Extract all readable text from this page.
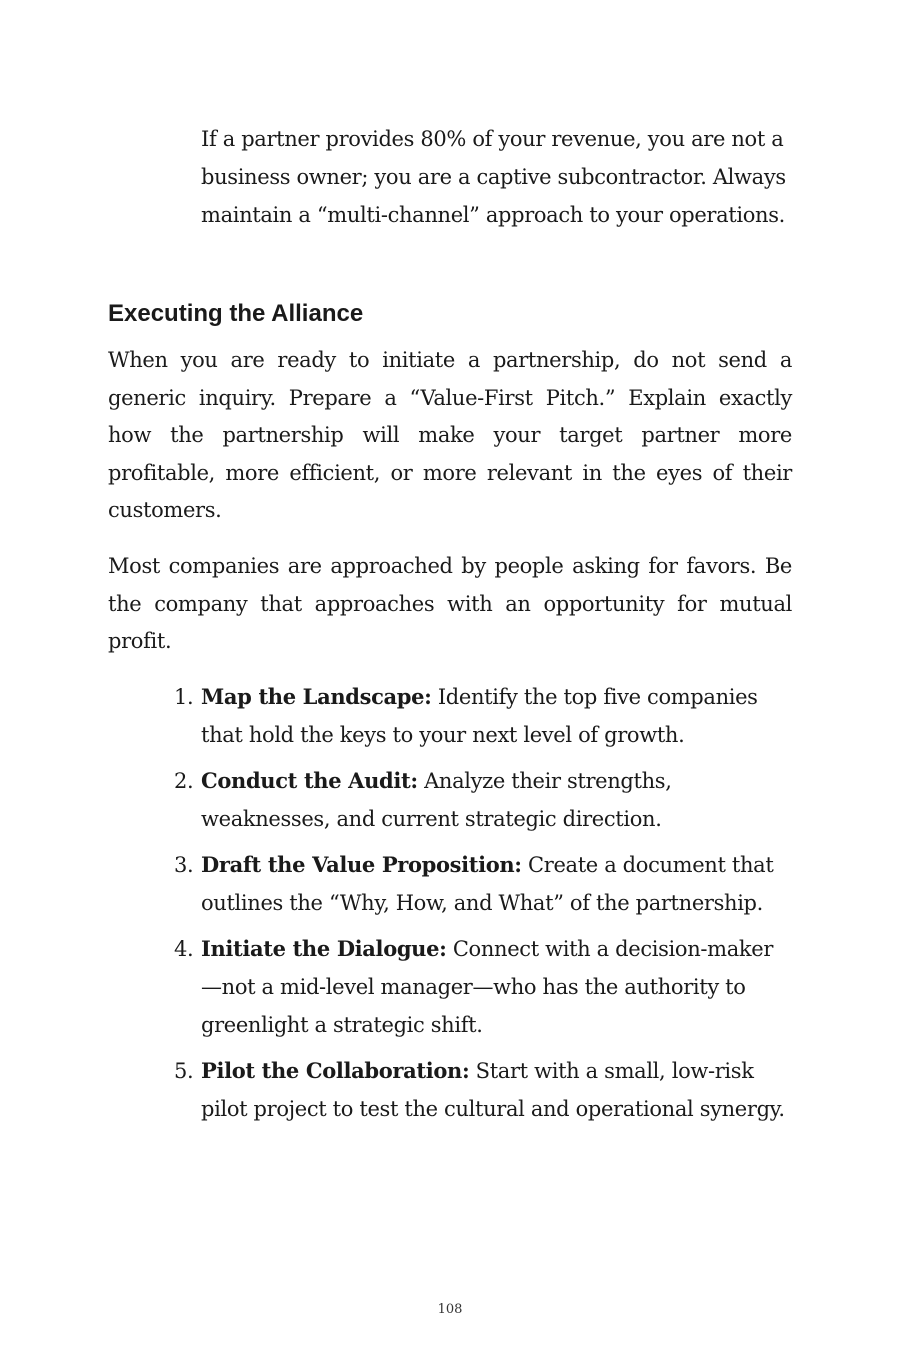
If a partner provides 80% of your revenue, you are not a business owner; you are a captive subcontractor. Always maintain a “multi-channel” approach to your operations.
Executing the Alliance

When you are ready to initiate a partnership, do not send a generic inquiry. Prepare a “Value-First Pitch.” Explain exactly how the partnership will make your target partner more profitable, more efficient, or more relevant in the eyes of their customers.

Most companies are approached by people asking for favors. Be the company that approaches with an opportunity for mutual profit.

1. Map the Landscape: Identify the top five companies that hold the keys to your next level of growth.
2. Conduct the Audit: Analyze their strengths, weaknesses, and current strategic direction.
3. Draft the Value Proposition: Create a document that outlines the “Why, How, and What” of the partnership.
4. Initiate the Dialogue: Connect with a decision-maker—not a mid-level manager—who has the authority to greenlight a strategic shift.
5. Pilot the Collaboration: Start with a small, low-risk pilot project to test the cultural and operational synergy.
108
